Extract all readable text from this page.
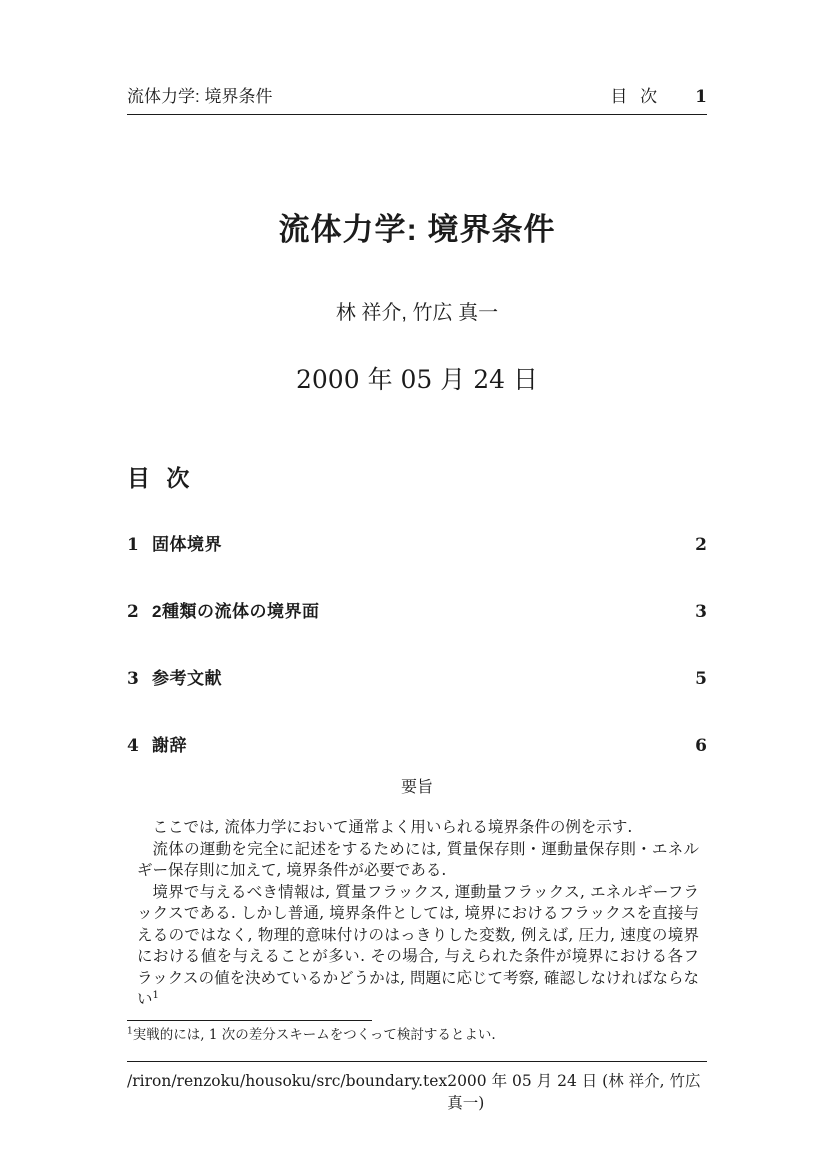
流体力学: 境界条件	目 次 1
流体力学: 境界条件
林 祥介, 竹広 真一
2000 年 05 月 24 日
目 次
1 固体境界	2
2 2種類の流体の境界面	3
3 参考文献	5
4 謝辞	6
要旨

ここでは, 流体力学において通常よく用いられる境界条件の例を示す.

流体の運動を完全に記述をするためには, 質量保存則・運動量保存則・エネルギー保存則に加えて, 境界条件が必要である.

境界で与えるべき情報は, 質量フラックス, 運動量フラックス, エネルギーフラックスである. しかし普通, 境界条件としては, 境界におけるフラックスを直接与えるのではなく, 物理的意味付けのはっきりした変数, 例えば, 圧力, 速度の境界における値を与えることが多い. その場合, 与えられた条件が境界における各フラックスの値を決めているかどうかは, 問題に応じて考察, 確認しなければならない$^1$

$^1$実戦的には, 1 次の差分スキームをつくって検討するとよい.
/riron/renzoku/housoku/src/boundary.tex 2000 年 05 月 24 日 (林 祥介, 竹広 真一)
